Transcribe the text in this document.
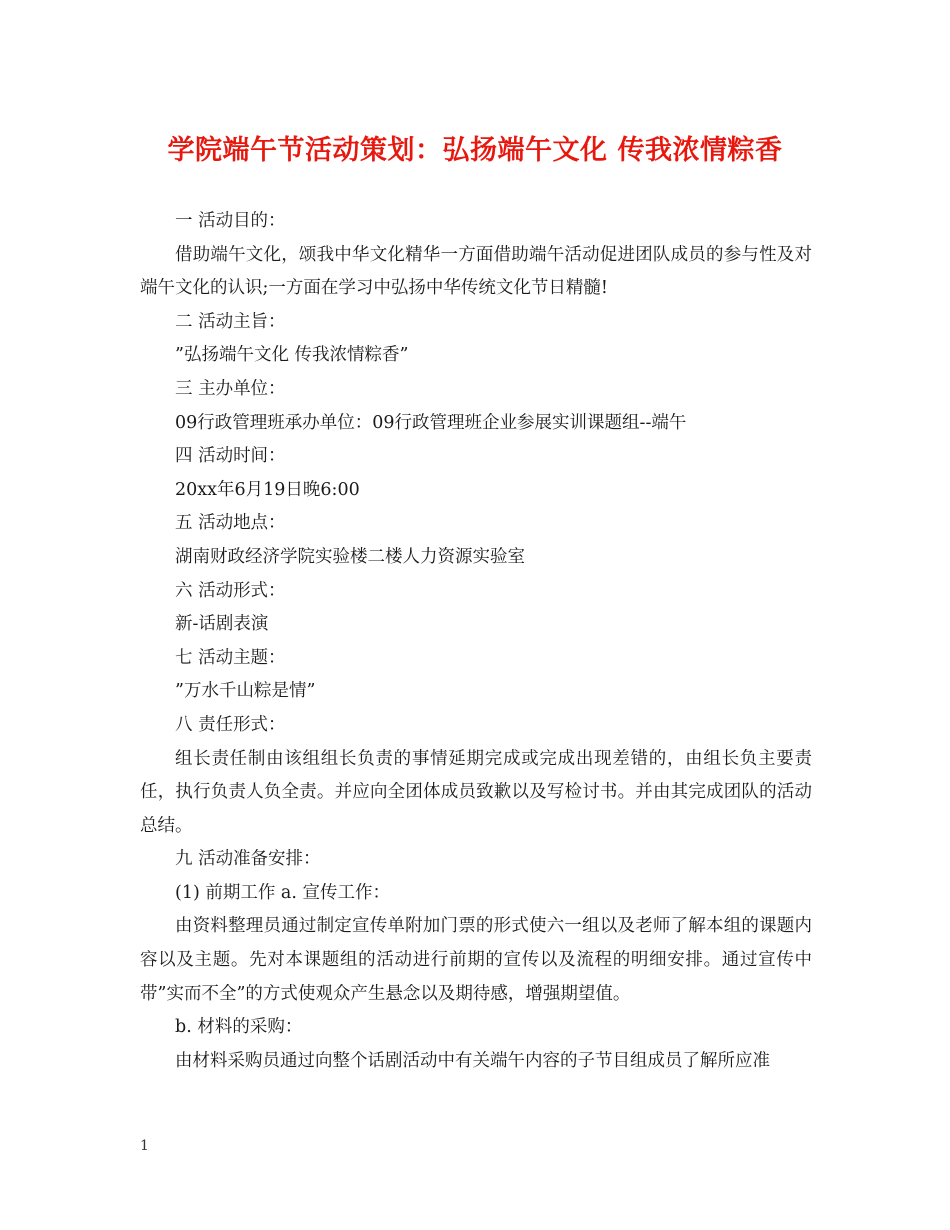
学院端午节活动策划：弘扬端午文化 传我浓情粽香

一 活动目的：

借助端午文化，颂我中华文化精华一方面借助端午活动促进团队成员的参与性及对端午文化的认识;一方面在学习中弘扬中华传统文化节日精髓!

二 活动主旨：

”弘扬端午文化 传我浓情粽香”

三 主办单位：

09行政管理班承办单位：09行政管理班企业参展实训课题组--端午

四 活动时间：

20xx年6月19日晚6:00

五 活动地点：

湖南财政经济学院实验楼二楼人力资源实验室

六 活动形式：

新-话剧表演

七 活动主题：

”万水千山粽是情”

八 责任形式：

组长责任制由该组组长负责的事情延期完成或完成出现差错的，由组长负主要责任，执行负责人负全责。并应向全团体成员致歉以及写检讨书。并由其完成团队的活动总结。

九 活动准备安排：

(1) 前期工作 a. 宣传工作：

由资料整理员通过制定宣传单附加门票的形式使六一组以及老师了解本组的课题内容以及主题。先对本课题组的活动进行前期的宣传以及流程的明细安排。通过宣传中带”实而不全”的方式使观众产生悬念以及期待感，增强期望值。

b. 材料的采购：

由材料采购员通过向整个话剧活动中有关端午内容的子节目组成员了解所应准

1
